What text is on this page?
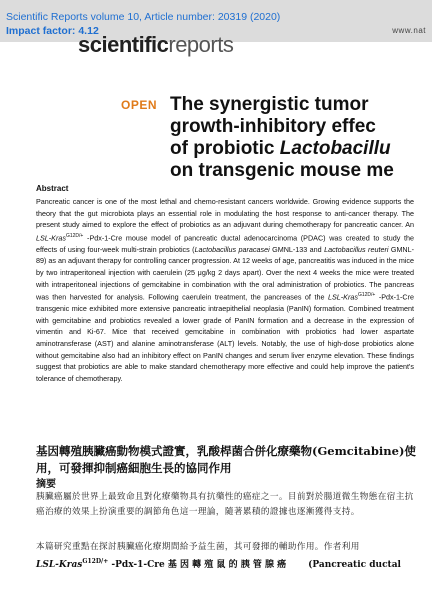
scientificreports
Scientific Reports volume 10, Article number: 20319 (2020)
Impact factor: 4.12	www.nat
OPEN The synergistic tumor
growth-inhibitory effec
of probiotic Lactobacillu
on transgenic mouse me
Abstract
Pancreatic cancer is one of the most lethal and chemo-resistant cancers worldwide. Growing evidence supports the theory that the gut microbiota plays an essential role in modulating the host response to anti-cancer therapy. The present study aimed to explore the effect of probiotics as an adjuvant during chemotherapy for pancreatic cancer. An LSL-Kras$^{G12D/+}$ -Pdx-1-Cre mouse model of pancreatic ductal adenocarcinoma (PDAC) was created to study the effects of using four-week multi-strain probiotics (Lactobacillus paracasei GMNL-133 and Lactobacillus reuteri GMNL-89) as an adjuvant therapy for controlling cancer progression. At 12 weeks of age, pancreatitis was induced in the mice by two intraperitoneal injection with caerulein (25 μg/kg 2 days apart). Over the next 4 weeks the mice were treated with intraperitoneal injections of gemcitabine in combination with the oral administration of probiotics. The pancreas was then harvested for analysis. Following caerulein treatment, the pancreases of the LSL-Kras$^{G12D/+}$ -Pdx-1-Cre transgenic mice exhibited more extensive pancreatic intraepithelial neoplasia (PanIN) formation. Combined treatment with gemcitabine and probiotics revealed a lower grade of PanIN formation and a decrease in the expression of vimentin and Ki-67. Mice that received gemcitabine in combination with probiotics had lower aspartate aminotransferase (AST) and alanine aminotransferase (ALT) levels. Notably, the use of high-dose probiotics alone without gemcitabine also had an inhibitory effect on PanIN changes and serum liver enzyme elevation. These findings suggest that probiotics are able to make standard chemotherapy more effective and could help improve the patient's tolerance of chemotherapy.
基因轉殖胰臟癌動物模式證實，乳酸桿菌合併化療藥物(Gemcitabine)使用，可發揮抑制癌細胞生長的協同作用
摘要
胰臟癌屬於世界上最致命且對化療藥物具有抗藥性的癌症之一。目前對於腸道微生物態在宿主抗癌治療的效果上扮演重要的調節角色這一理論，隨著累積的證據也逐漸獲得支持。
本篇研究重點在探討胰臟癌化療期間給予益生菌，其可發揮的輔助作用。作者利用
LSL-Kras$^{G12D/+}$ -Pdx-1-Cre 基 因 轉 殖 鼠 的 胰 管 腺 癌 (Pancreatic ductal
